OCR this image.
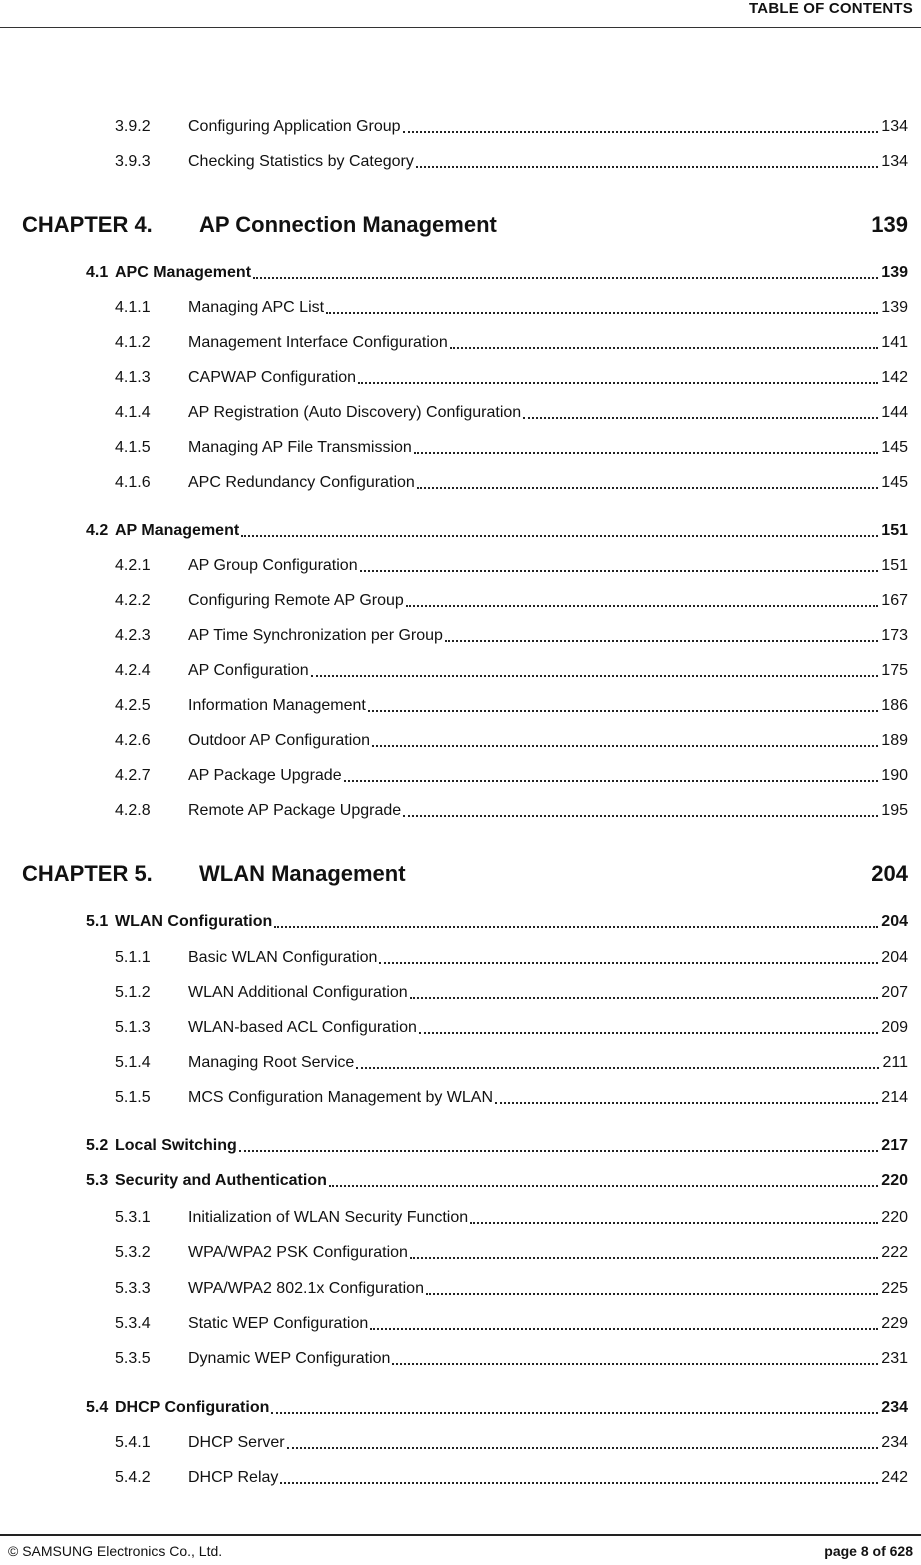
TABLE OF CONTENTS
3.9.2 Configuring Application Group	134
3.9.3 Checking Statistics by Category	134
CHAPTER 4. AP Connection Management	139
4.1 APC Management	139
4.1.1 Managing APC List	139
4.1.2 Management Interface Configuration	141
4.1.3 CAPWAP Configuration	142
4.1.4 AP Registration (Auto Discovery) Configuration	144
4.1.5 Managing AP File Transmission	145
4.1.6 APC Redundancy Configuration	145
4.2 AP Management	151
4.2.1 AP Group Configuration	151
4.2.2 Configuring Remote AP Group	167
4.2.3 AP Time Synchronization per Group	173
4.2.4 AP Configuration	175
4.2.5 Information Management	186
4.2.6 Outdoor AP Configuration	189
4.2.7 AP Package Upgrade	190
4.2.8 Remote AP Package Upgrade	195
CHAPTER 5. WLAN Management	204
5.1 WLAN Configuration	204
5.1.1 Basic WLAN Configuration	204
5.1.2 WLAN Additional Configuration	207
5.1.3 WLAN-based ACL Configuration	209
5.1.4 Managing Root Service	211
5.1.5 MCS Configuration Management by WLAN	214
5.2 Local Switching	217
5.3 Security and Authentication	220
5.3.1 Initialization of WLAN Security Function	220
5.3.2 WPA/WPA2 PSK Configuration	222
5.3.3 WPA/WPA2 802.1x Configuration	225
5.3.4 Static WEP Configuration	229
5.3.5 Dynamic WEP Configuration	231
5.4 DHCP Configuration	234
5.4.1 DHCP Server	234
5.4.2 DHCP Relay	242
© SAMSUNG Electronics Co., Ltd.	page 8 of 628
